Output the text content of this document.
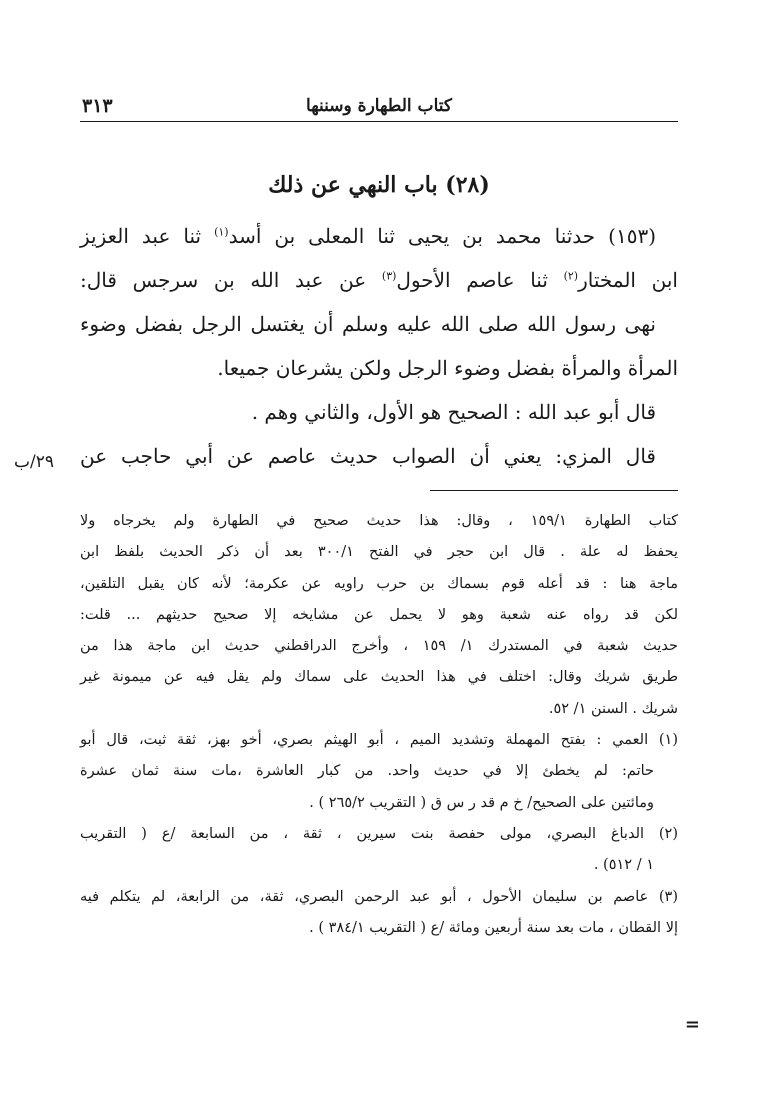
كتاب الطهارة وسننها
٣١٣
(٢٨) باب النهي عن ذلك
(١٥٣) حدثنا محمد بن يحيى ثنا المعلى بن أسد$^{(١)}$ ثنا عبد العزيز
ابن المختار$^{(٢)}$ ثنا عاصم الأحول$^{(٣)}$ عن عبد الله بن سرجس قال:
نهى رسول الله صلى الله عليه وسلم أن يغتسل الرجل بفضل وضوء
المرأة والمرأة بفضل وضوء الرجل ولكن يشرعان جميعا.
قال أبو عبد الله : الصحيح هو الأول، والثاني وهم .
قال المزي: يعني أن الصواب حديث عاصم عن أبي حاجب عن
٢٩/ب
=
كتاب الطهارة ١٥٩/١ ، وقال: هذا حديث صحيح في الطهارة ولم يخرجاه ولا
يحفظ له علة . قال ابن حجر في الفتح ٣٠٠/١ بعد أن ذكر الحديث بلفظ ابن
ماجة هنا : قد أعله قوم بسماك بن حرب راويه عن عكرمة؛ لأنه كان يقبل التلقين،
لكن قد رواه عنه شعبة وهو لا يحمل عن مشايخه إلا صحيح حديثهم ... قلت:
حديث شعبة في المستدرك ١/ ١٥٩ ، وأخرج الدراقطني حديث ابن ماجة هذا من
طريق شريك وقال: اختلف في هذا الحديث على سماك ولم يقل فيه عن ميمونة غير
شريك . السنن ١/ ٥٢.
(١) العمي : بفتح المهملة وتشديد الميم ، أبو الهيثم بصري، أخو بهز، ثقة ثبت، قال أبو
حاتم: لم يخطئ إلا في حديث واحد. من كبار العاشرة ،مات سنة ثمان عشرة
ومائتين على الصحيح/ خ م قد ر س ق ( التقريب ٢٦٥/٢ ) .
(٢) الدباغ البصري، مولى حفصة بنت سيرين ، ثقة ، من السابعة /ع ( التقريب
١ / ٥١٢) .
(٣) عاصم بن سليمان الأحول ، أبو عبد الرحمن البصري، ثقة، من الرابعة، لم يتكلم فيه
إلا القطان ، مات بعد سنة أربعين ومائة /ع ( التقريب ٣٨٤/١ ) .
